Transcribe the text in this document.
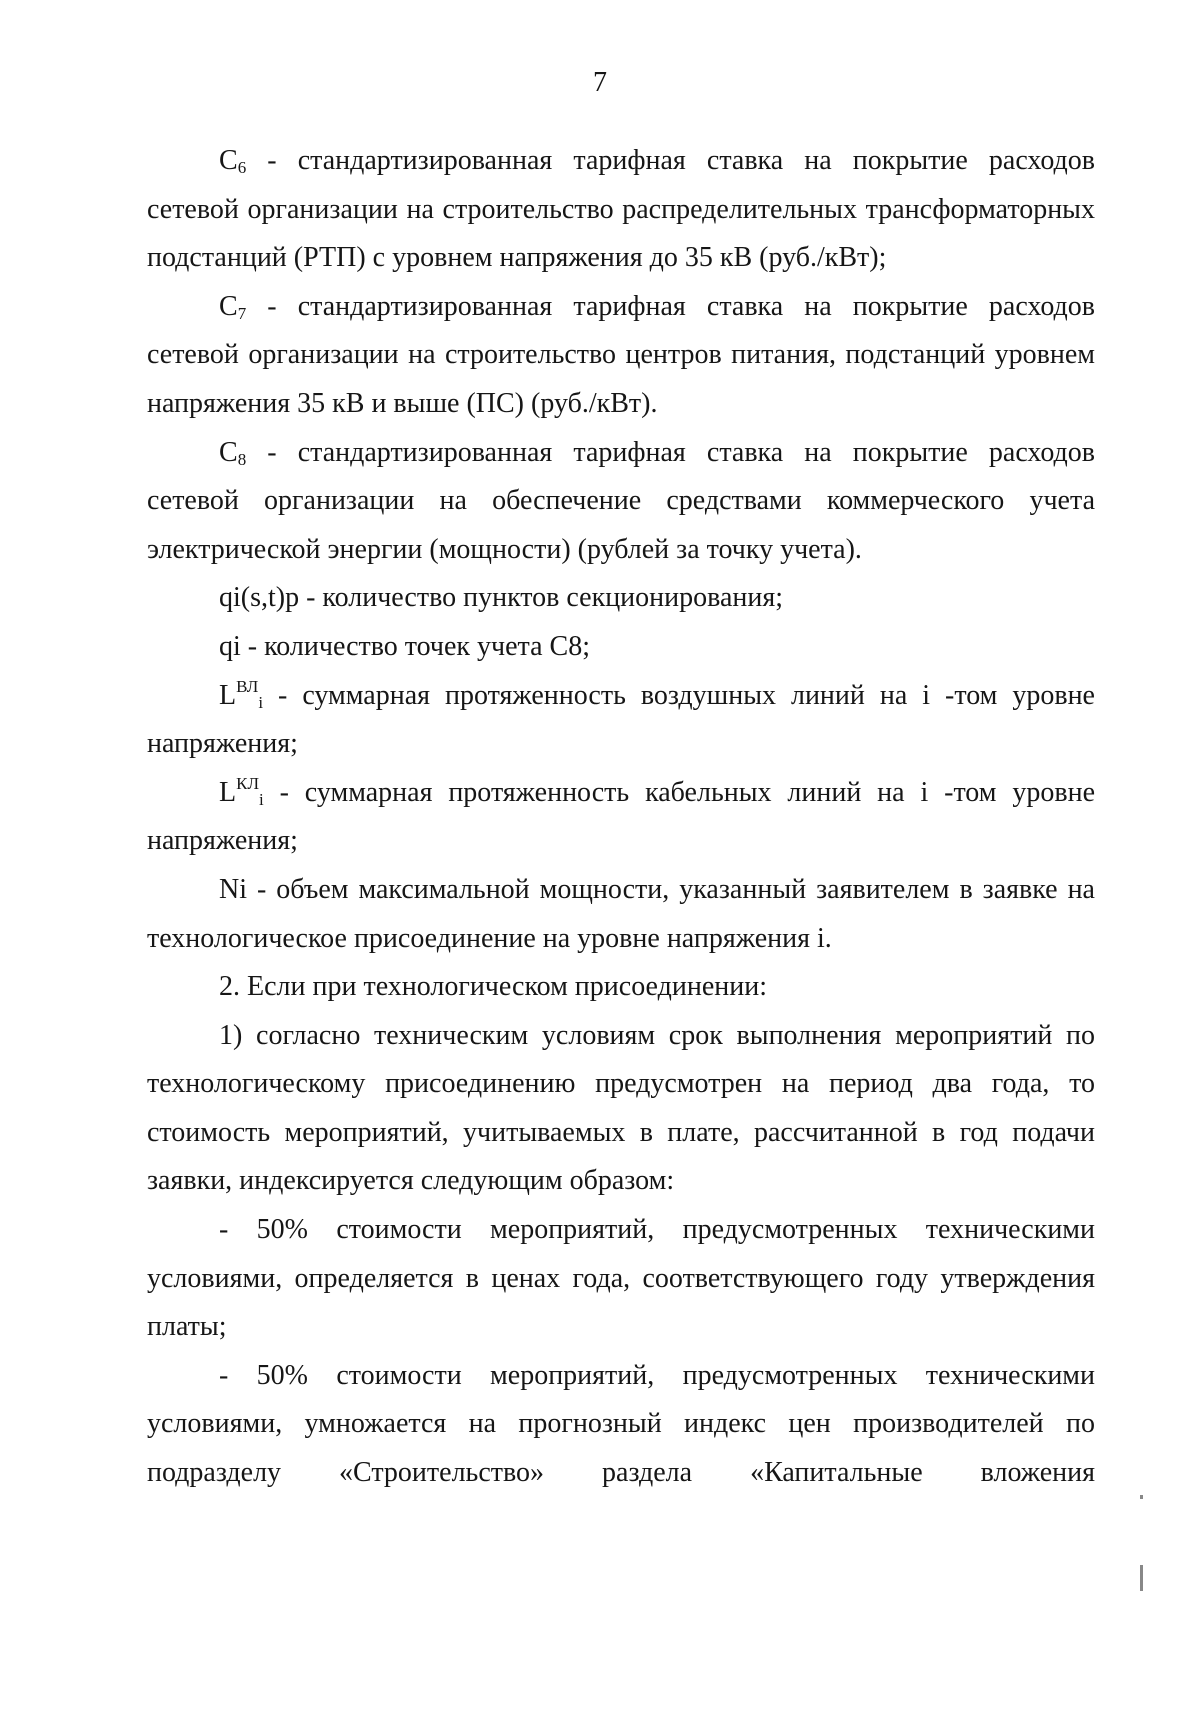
7

$C_6$ - стандартизированная тарифная ставка на покрытие расходов сетевой организации на строительство распределительных трансформаторных подстанций (РТП) с уровнем напряжения до 35 кВ (руб./кВт);

$C_7$ - стандартизированная тарифная ставка на покрытие расходов сетевой организации на строительство центров питания, подстанций уровнем напряжения 35 кВ и выше (ПС) (руб./кВт).

$C_8$ - стандартизированная тарифная ставка на покрытие расходов сетевой организации на обеспечение средствами коммерческого учета электрической энергии (мощности) (рублей за точку учета).

qi(s,t)p - количество пунктов секционирования;

qi - количество точек учета С8;

$L^{ВЛ}_i$ - суммарная протяженность воздушных линий на i -том уровне напряжения;

$L^{КЛ}_i$ - суммарная протяженность кабельных линий на i -том уровне напряжения;

Ni - объем максимальной мощности, указанный заявителем в заявке на технологическое присоединение на уровне напряжения i.

2. Если при технологическом присоединении:

1) согласно техническим условиям срок выполнения мероприятий по технологическому присоединению предусмотрен на период два года, то стоимость мероприятий, учитываемых в плате, рассчитанной в год подачи заявки, индексируется следующим образом:

- 50% стоимости мероприятий, предусмотренных техническими условиями, определяется в ценах года, соответствующего году утверждения платы;

- 50% стоимости мероприятий, предусмотренных техническими условиями, умножается на прогнозный индекс цен производителей по подразделу «Строительство» раздела «Капитальные вложения
